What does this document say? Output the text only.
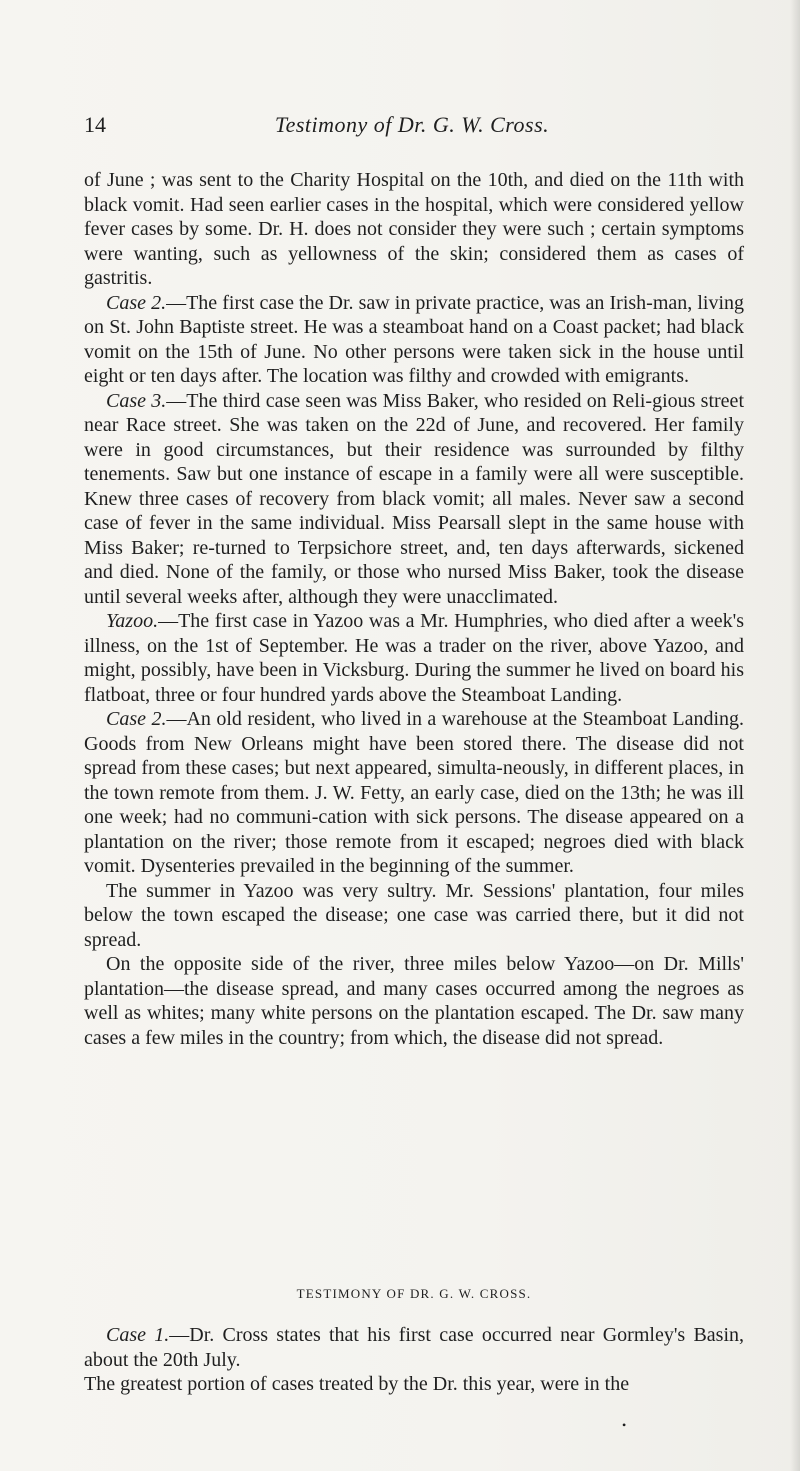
14	Testimony of Dr. G. W. Cross.

of June ; was sent to the Charity Hospital on the 10th, and died on the 11th with black vomit. Had seen earlier cases in the hospital, which were considered yellow fever cases by some. Dr. H. does not consider they were such ; certain symptoms were wanting, such as yellowness of the skin; considered them as cases of gastritis.

Case 2.—The first case the Dr. saw in private practice, was an Irish-man, living on St. John Baptiste street. He was a steamboat hand on a Coast packet; had black vomit on the 15th of June. No other persons were taken sick in the house until eight or ten days after. The location was filthy and crowded with emigrants.

Case 3.—The third case seen was Miss Baker, who resided on Reli-gious street near Race street. She was taken on the 22d of June, and recovered. Her family were in good circumstances, but their residence was surrounded by filthy tenements. Saw but one instance of escape in a family were all were susceptible. Knew three cases of recovery from black vomit; all males. Never saw a second case of fever in the same individual. Miss Pearsall slept in the same house with Miss Baker; re-turned to Terpsichore street, and, ten days afterwards, sickened and died. None of the family, or those who nursed Miss Baker, took the disease until several weeks after, although they were unacclimated.

Yazoo.—The first case in Yazoo was a Mr. Humphries, who died after a week's illness, on the 1st of September. He was a trader on the river, above Yazoo, and might, possibly, have been in Vicksburg. During the summer he lived on board his flatboat, three or four hundred yards above the Steamboat Landing.

Case 2.—An old resident, who lived in a warehouse at the Steamboat Landing. Goods from New Orleans might have been stored there. The disease did not spread from these cases; but next appeared, simulta-neously, in different places, in the town remote from them. J. W. Fetty, an early case, died on the 13th; he was ill one week; had no communi-cation with sick persons. The disease appeared on a plantation on the river; those remote from it escaped; negroes died with black vomit. Dysenteries prevailed in the beginning of the summer.

The summer in Yazoo was very sultry. Mr. Sessions' plantation, four miles below the town escaped the disease; one case was carried there, but it did not spread.

On the opposite side of the river, three miles below Yazoo—on Dr. Mills' plantation—the disease spread, and many cases occurred among the negroes as well as whites; many white persons on the plantation escaped. The Dr. saw many cases a few miles in the country; from which, the disease did not spread.

TESTIMONY OF DR. G. W. CROSS.

Case 1.—Dr. Cross states that his first case occurred near Gormley's Basin, about the 20th July.

The greatest portion of cases treated by the Dr. this year, were in the

•
